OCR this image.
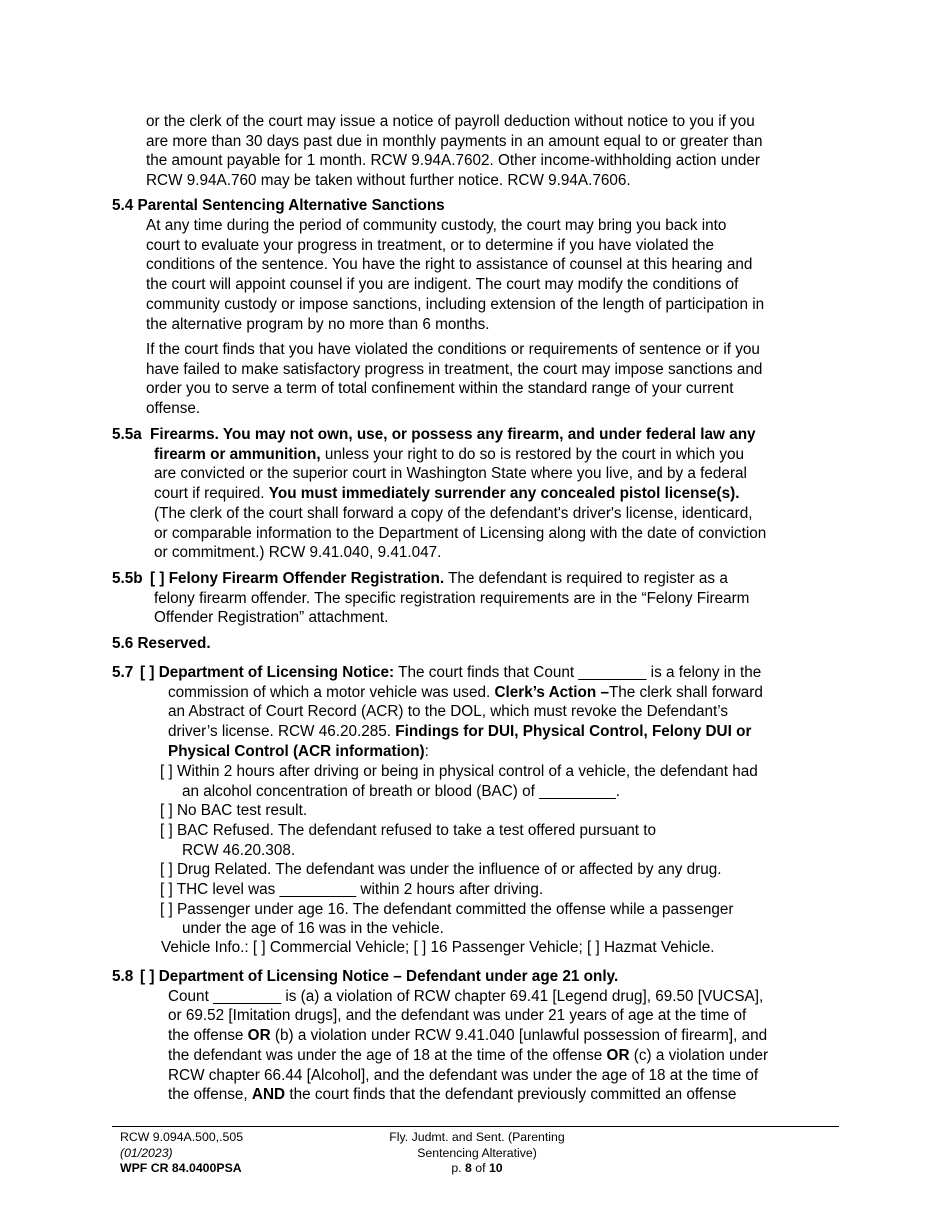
or the clerk of the court may issue a notice of payroll deduction without notice to you if you
are more than 30 days past due in monthly payments in an amount equal to or greater than
the amount payable for 1 month. RCW 9.94A.7602. Other income-withholding action under
RCW 9.94A.760 may be taken without further notice. RCW 9.94A.7606.
5.4 Parental Sentencing Alternative Sanctions
At any time during the period of community custody, the court may bring you back into
court to evaluate your progress in treatment, or to determine if you have violated the
conditions of the sentence. You have the right to assistance of counsel at this hearing and
the court will appoint counsel if you are indigent. The court may modify the conditions of
community custody or impose sanctions, including extension of the length of participation in
the alternative program by no more than 6 months.
If the court finds that you have violated the conditions or requirements of sentence or if you
have failed to make satisfactory progress in treatment, the court may impose sanctions and
order you to serve a term of total confinement within the standard range of your current
offense.
5.5a Firearms. You may not own, use, or possess any firearm, and under federal law any
firearm or ammunition, unless your right to do so is restored by the court in which you
are convicted or the superior court in Washington State where you live, and by a federal
court if required. You must immediately surrender any concealed pistol license(s).
(The clerk of the court shall forward a copy of the defendant's driver's license, identicard,
or comparable information to the Department of Licensing along with the date of conviction
or commitment.) RCW 9.41.040, 9.41.047.
5.5b [ ] Felony Firearm Offender Registration. The defendant is required to register as a
felony firearm offender. The specific registration requirements are in the “Felony Firearm
Offender Registration” attachment.
5.6 Reserved.
5.7 [ ] Department of Licensing Notice: The court finds that Count ________ is a felony in the
commission of which a motor vehicle was used. Clerk’s Action –The clerk shall forward
an Abstract of Court Record (ACR) to the DOL, which must revoke the Defendant’s
driver’s license. RCW 46.20.285. Findings for DUI, Physical Control, Felony DUI or
Physical Control (ACR information):
[ ] Within 2 hours after driving or being in physical control of a vehicle, the defendant had
an alcohol concentration of breath or blood (BAC) of _________.
[ ] No BAC test result.
[ ] BAC Refused. The defendant refused to take a test offered pursuant to
RCW 46.20.308.
[ ] Drug Related. The defendant was under the influence of or affected by any drug.
[ ] THC level was _________ within 2 hours after driving.
[ ] Passenger under age 16. The defendant committed the offense while a passenger
under the age of 16 was in the vehicle.
Vehicle Info.: [ ] Commercial Vehicle; [ ] 16 Passenger Vehicle; [ ] Hazmat Vehicle.
5.8 [ ] Department of Licensing Notice – Defendant under age 21 only.
Count ________ is (a) a violation of RCW chapter 69.41 [Legend drug], 69.50 [VUCSA],
or 69.52 [Imitation drugs], and the defendant was under 21 years of age at the time of
the offense OR (b) a violation under RCW 9.41.040 [unlawful possession of firearm], and
the defendant was under the age of 18 at the time of the offense OR (c) a violation under
RCW chapter 66.44 [Alcohol], and the defendant was under the age of 18 at the time of
the offense, AND the court finds that the defendant previously committed an offense
RCW 9.094A.500,.505
(01/2023)
WPF CR 84.0400PSA
Fly. Judmt. and Sent. (Parenting
Sentencing Alterative)
p. 8 of 10
